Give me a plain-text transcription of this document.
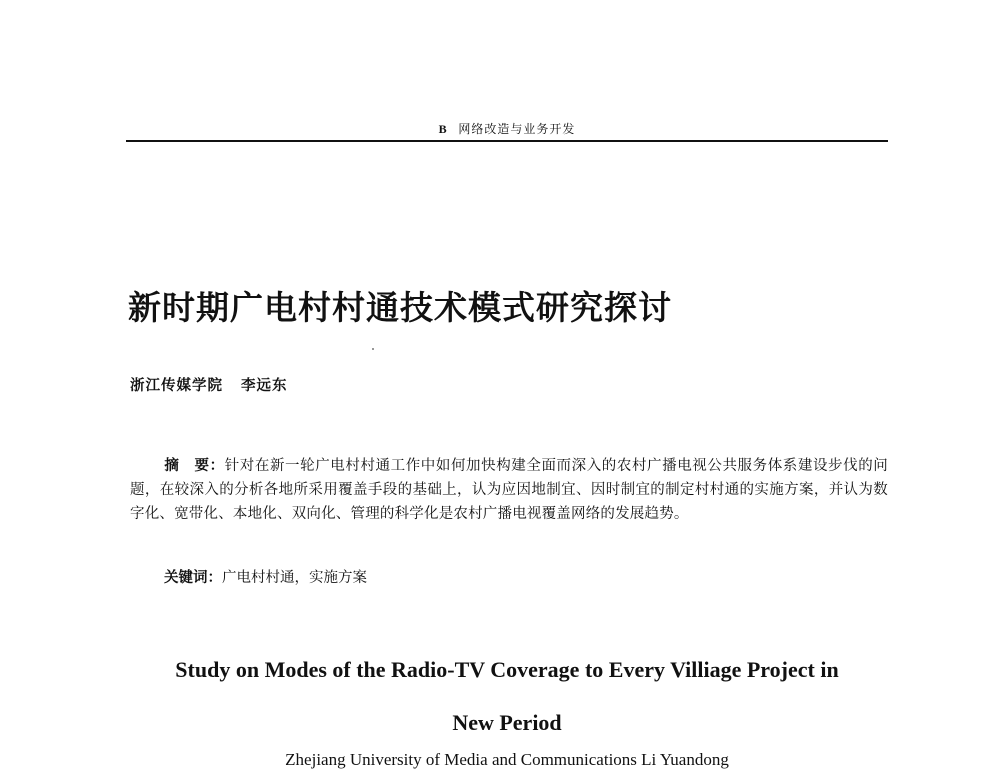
B 网络改造与业务开发
新时期广电村村通技术模式研究探讨
浙江传媒学院 李远东
摘　要：针对在新一轮广电村村通工作中如何加快构建全面而深入的农村广播电视公共服务体系建设步伐的问题，在较深入的分析各地所采用覆盖手段的基础上，认为应因地制宜、因时制宜的制定村村通的实施方案，并认为数字化、宽带化、本地化、双向化、管理的科学化是农村广播电视覆盖网络的发展趋势。
关键词：广电村村通，实施方案
Study on Modes of the Radio-TV Coverage to Every Villiage Project in
New Period
Zhejiang University of Media and Communications Li Yuandong
